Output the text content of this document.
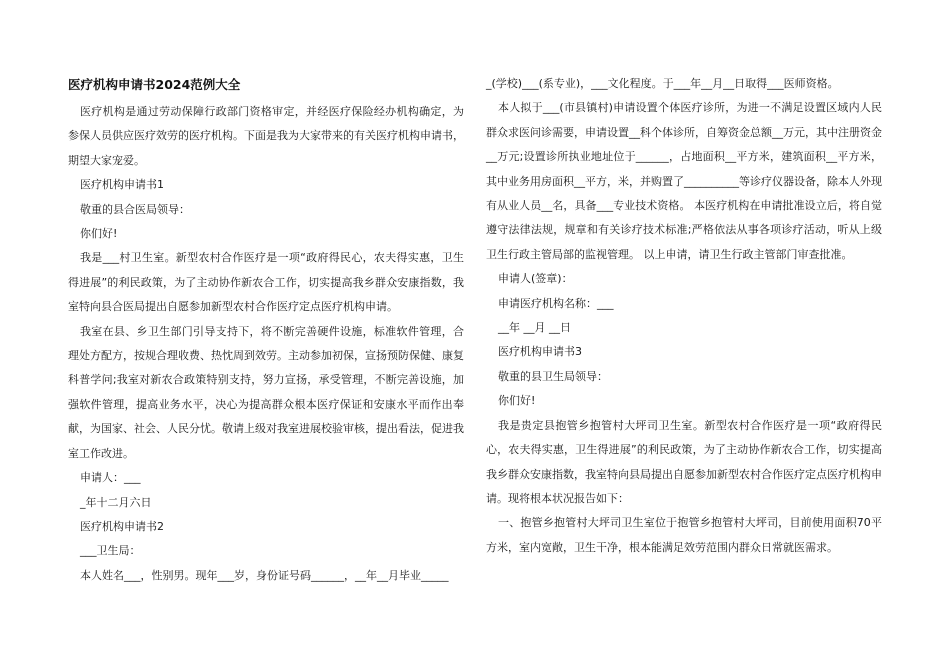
医疗机构申请书2024范例大全

医疗机构是通过劳动保障行政部门资格审定，并经医疗保险经办机构确定，为参保人员供应医疗效劳的医疗机构。下面是我为大家带来的有关医疗机构申请书，期望大家宠爱。

医疗机构申请书1

敬重的县合医局领导：

你们好!

我是___村卫生室。新型农村合作医疗是一项“政府得民心，农夫得实惠，卫生得进展”的利民政策，为了主动协作新农合工作，切实提高我乡群众安康指数，我室特向县合医局提出自愿参加新型农村合作医疗定点医疗机构申请。

我室在县、乡卫生部门引导支持下，将不断完善硬件设施，标准软件管理，合理处方配方，按规合理收费、热忱周到效劳。主动参加初保，宣扬预防保健、康复科普学问;我室对新农合政策特别支持，努力宣扬，承受管理，不断完善设施，加强软件管理，提高业务水平，决心为提高群众根本医疗保证和安康水平而作出奉献，为国家、社会、人民分忧。敬请上级对我室进展校验审核，提出看法，促进我室工作改进。

申请人：___

_年十二月六日

医疗机构申请书2

___卫生局：

本人姓名___，性别男。现年___岁，身份证号码______，__年__月毕业_____

_(学校)___(系专业)，___文化程度。于___年__月__日取得___医师资格。

本人拟于___(市县镇村)申请设置个体医疗诊所，为进一不满足设置区域内人民群众求医问诊需要，申请设置__科个体诊所，自筹资金总额__万元，其中注册资金__万元;设置诊所执业地址位于______，占地面积__平方米，建筑面积__平方米，其中业务用房面积__平方，米，并购置了__________等诊疗仪器设备，除本人外现有从业人员__名，具备___专业技术资格。 本医疗机构在申请批准设立后，将自觉遵守法律法规，规章和有关诊疗技术标准;严格依法从事各项诊疗活动，听从上级卫生行政主管局部的监视管理。 以上申请，请卫生行政主管部门审查批准。

申请人(签章)：

申请医疗机构名称：___

__年 __月 __日

医疗机构申请书3

敬重的县卫生局领导：

你们好!

我是贵定县抱管乡抱管村大坪司卫生室。新型农村合作医疗是一项“政府得民心，农夫得实惠，卫生得进展”的利民政策，为了主动协作新农合工作，切实提高我乡群众安康指数，我室特向县局提出自愿参加新型农村合作医疗定点医疗机构申请。现将根本状况报告如下：

一、抱管乡抱管村大坪司卫生室位于抱管乡抱管村大坪司，目前使用面积70平方米，室内宽敞，卫生干净，根本能满足效劳范围内群众日常就医需求。
